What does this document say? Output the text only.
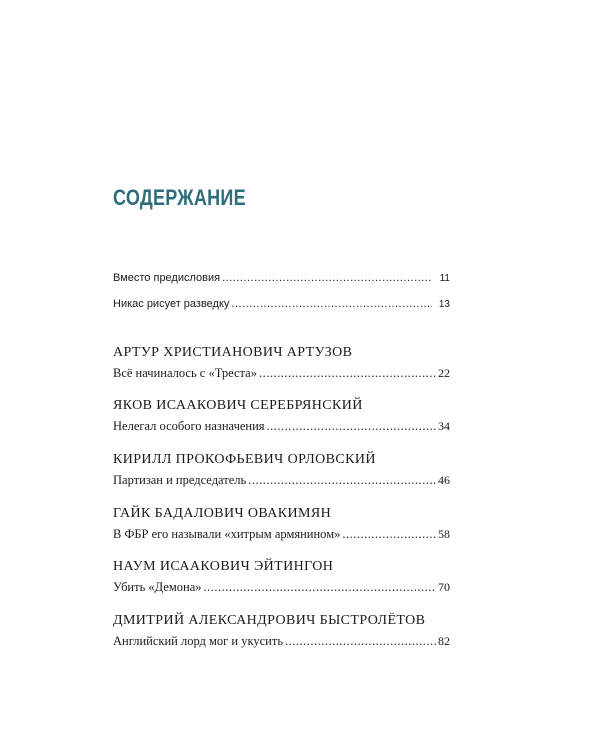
СОДЕРЖАНИЕ
Вместо предисловия .....	11
Никас рисует разведку .....	13

АРТУР ХРИСТИАНОВИЧ АРТУЗОВ

Всё начиналось с «Треста» .....	22

ЯКОВ ИСААКОВИЧ СЕРЕБРЯНСКИЙ

Нелегал особого назначения .....	34

КИРИЛЛ ПРОКОФЬЕВИЧ ОРЛОВСКИЙ

Партизан и председатель .....	46

ГАЙК БАДАЛОВИЧ ОВАКИМЯН

В ФБР его называли «хитрым армянином» .....	58

НАУМ ИСААКОВИЧ ЭЙТИНГОН

Убить «Демона» .....	70

ДМИТРИЙ АЛЕКСАНДРОВИЧ БЫСТРОЛЁТОВ

Английский лорд мог и укусить .....	82
